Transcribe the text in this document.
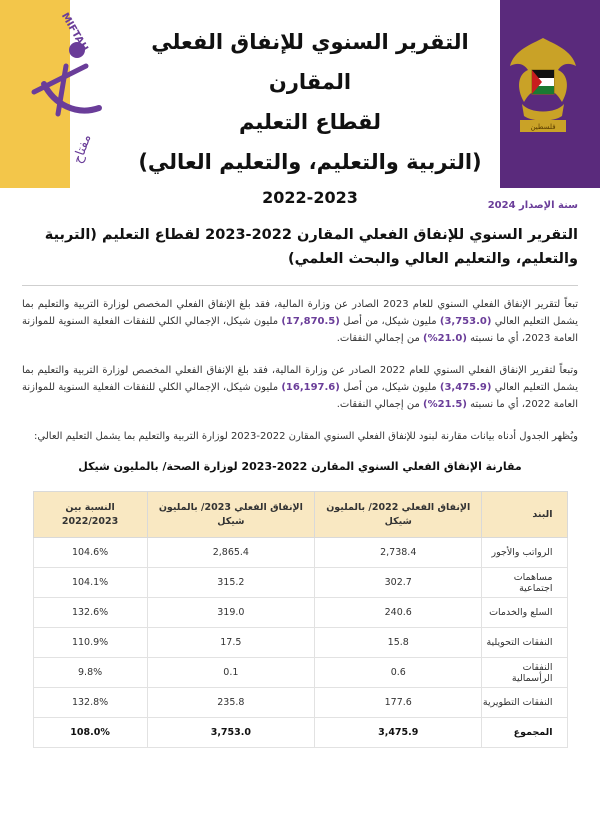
MIFTAH
مفتاح
فلسطين
التقرير السنوي للإنفاق الفعلي المقارن
لقطاع التعليم
(التربية والتعليم، والتعليم العالي)
2022-2023	سنة الإصدار 2024
التقرير السنوي للإنفاق الفعلي المقارن 2022-2023 لقطاع التعليم (التربية والتعليم، والتعليم العالي والبحث العلمي)

تبعاً لتقرير الإنفاق الفعلي السنوي للعام 2023 الصادر عن وزارة المالية، فقد بلغ الإنفاق الفعلي المخصص لوزارة التربية والتعليم بما يشمل التعليم العالي (3,753.0) مليون شيكل، من أصل (17,870.5) مليون شيكل، الإجمالي الكلي للنفقات الفعلية السنوية للموازنة العامة 2023، أي ما نسبته (21.0%) من إجمالي النفقات.

وتبعاً لتقرير الإنفاق الفعلي السنوي للعام 2022 الصادر عن وزارة المالية، فقد بلغ الإنفاق الفعلي المخصص لوزارة التربية والتعليم بما يشمل التعليم العالي (3,475.9) مليون شيكل، من أصل (16,197.6) مليون شيكل، الإجمالي الكلي للنفقات الفعلية السنوية للموازنة العامة 2022، أي ما نسبته (21.5%) من إجمالي النفقات.

ويُظهر الجدول أدناه بيانات مقارنة لبنود للإنفاق الفعلي السنوي المقارن 2022-2023 لوزارة التربية والتعليم بما يشمل التعليم العالي:

مقارنة الإنفاق الفعلي السنوي المقارن 2022-2023 لوزارة الصحة/ بالمليون شيكل
البند	الإنفاق الفعلي 2022/ بالمليون شيكل	الإنفاق الفعلي 2023/ بالمليون شيكل	النسبة بين 2022/2023
الرواتب والأجور	2,738.4	2,865.4	104.6%
مساهمات اجتماعية	302.7	315.2	104.1%
السلع والخدمات	240.6	319.0	132.6%
النفقات التحويلية	15.8	17.5	110.9%
النفقات الرأسمالية	0.6	0.1	9.8%
النفقات التطويرية	177.6	235.8	132.8%
المجموع	3,475.9	3,753.0	108.0%
